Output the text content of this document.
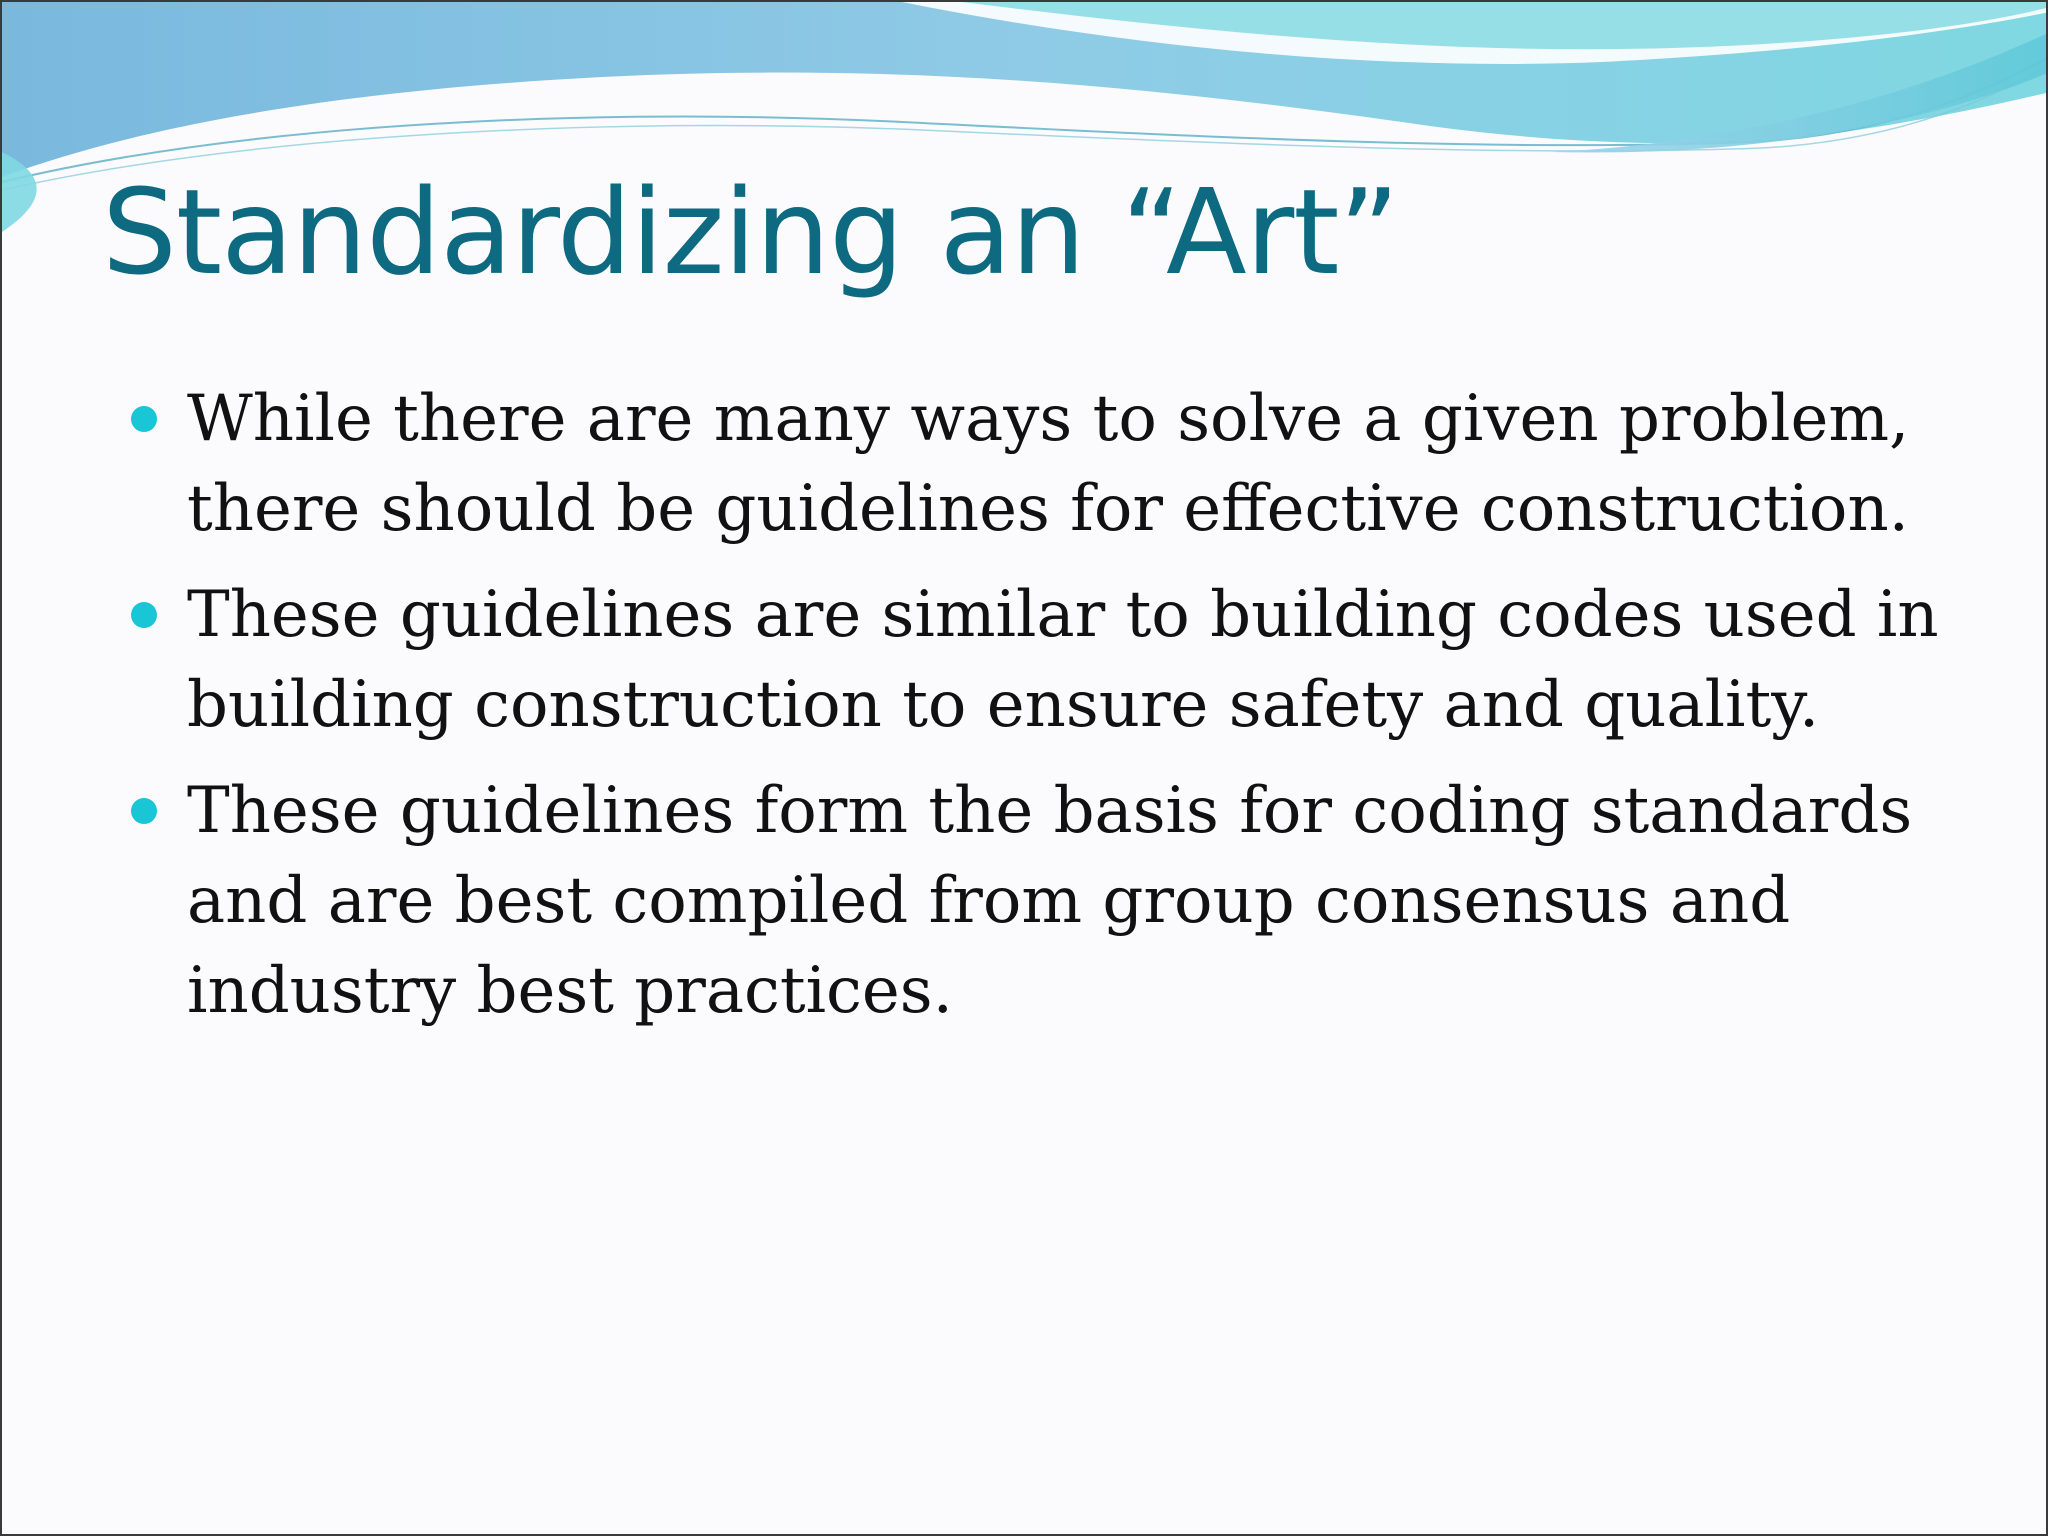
Standardizing an “Art”
While there are many ways to solve a given problem, there should be guidelines for effective construction.
These guidelines are similar to building codes used in building construction to ensure safety and quality.
These guidelines form the basis for coding standards and are best compiled from group consensus and industry best practices.
